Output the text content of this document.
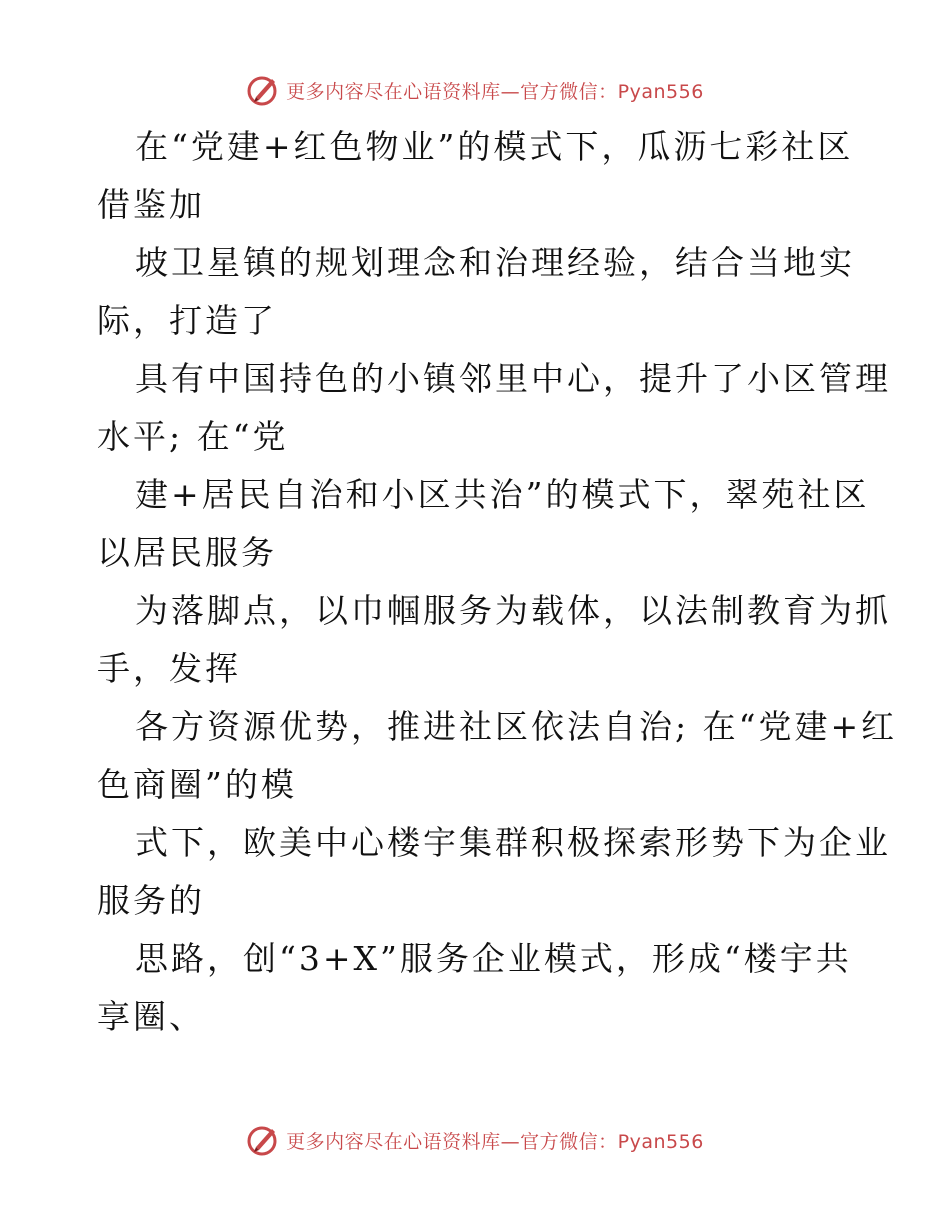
更多内容尽在心语资料库—官方微信：Pyan556
在“党建+红色物业”的模式下，瓜沥七彩社区
借鉴加
坡卫星镇的规划理念和治理经验，结合当地实
际，打造了
具有中国持色的小镇邻里中心，提升了小区管理
水平; 在“党
建+居民自治和小区共治”的模式下，翠苑社区
以居民服务
为落脚点，以巾帼服务为载体，以法制教育为抓
手，发挥
各方资源优势，推进社区依法自治; 在“党建+红
色商圈”的模
式下，欧美中心楼宇集群积极探索形势下为企业
服务的
思路，创“3+X”服务企业模式，形成“楼宇共
享圈、
更多内容尽在心语资料库—官方微信：Pyan556
